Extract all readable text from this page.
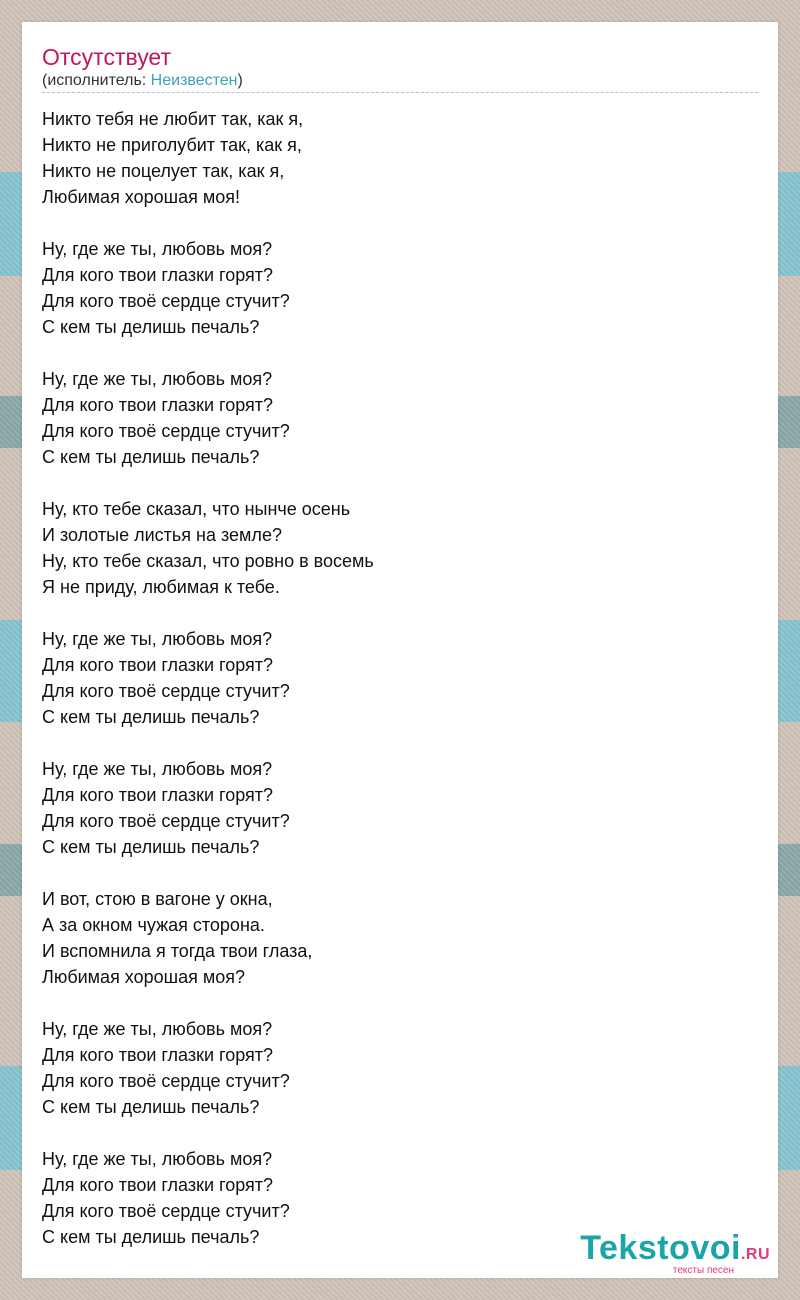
Отсутствует
(исполнитель: Неизвестен)
Никто тебя не любит так, как я,
Никто не приголубит так, как я,
Никто не поцелует так, как я,
Любимая хорошая моя!
Ну, где же ты, любовь моя?
Для кого твои глазки горят?
Для кого твоё сердце стучит?
С кем ты делишь печаль?
Ну, где же ты, любовь моя?
Для кого твои глазки горят?
Для кого твоё сердце стучит?
С кем ты делишь печаль?
Ну, кто тебе сказал, что нынче осень
И золотые листья на земле?
Ну, кто тебе сказал, что ровно в восемь
Я не приду, любимая к тебе.
Ну, где же ты, любовь моя?
Для кого твои глазки горят?
Для кого твоё сердце стучит?
С кем ты делишь печаль?
Ну, где же ты, любовь моя?
Для кого твои глазки горят?
Для кого твоё сердце стучит?
С кем ты делишь печаль?
И вот, стою в вагоне у окна,
А за окном чужая сторона.
И вспомнила я тогда твои глаза,
Любимая хорошая моя?
Ну, где же ты, любовь моя?
Для кого твои глазки горят?
Для кого твоё сердце стучит?
С кем ты делишь печаль?
Ну, где же ты, любовь моя?
Для кого твои глазки горят?
Для кого твоё сердце стучит?
С кем ты делишь печаль?	Tekstovoi.RU
тексты песен
